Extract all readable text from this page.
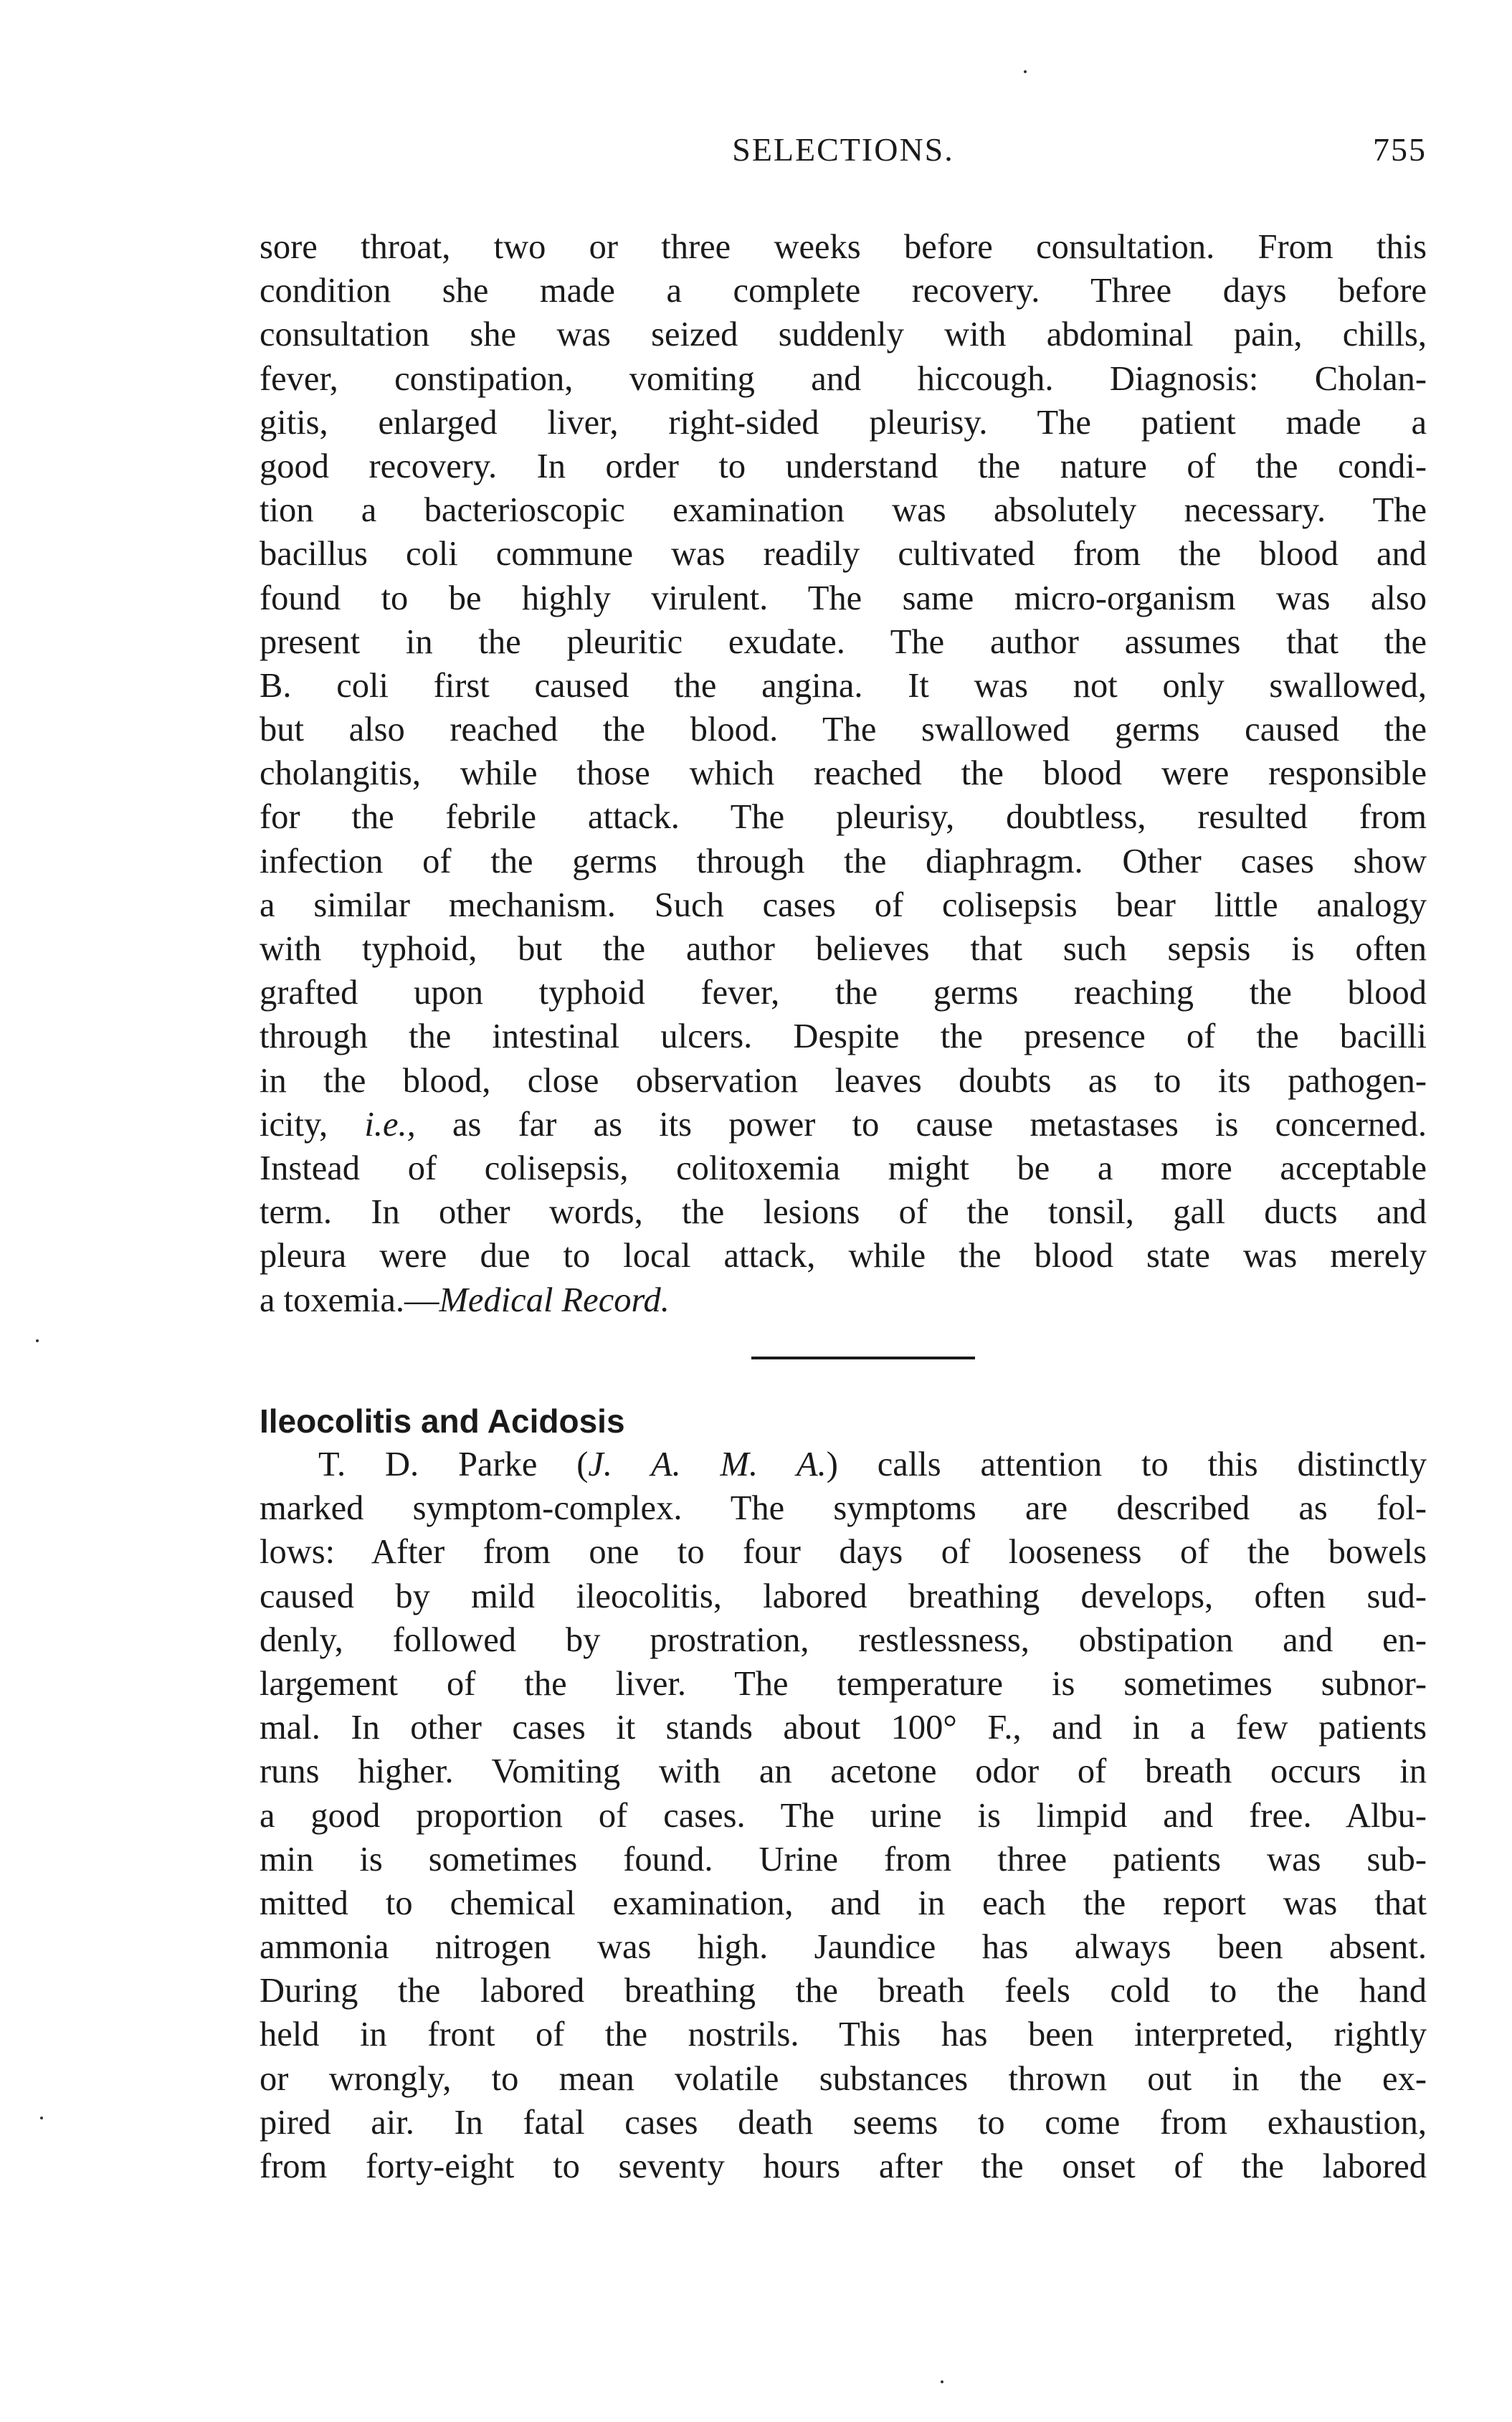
SELECTIONS.	755
sore throat, two or three weeks before consultation. From this
condition she made a complete recovery. Three days before
consultation she was seized suddenly with abdominal pain, chills,
fever, constipation, vomiting and hiccough. Diagnosis: Cholan-
gitis, enlarged liver, right-sided pleurisy. The patient made a
good recovery. In order to understand the nature of the condi-
tion a bacterioscopic examination was absolutely necessary. The
bacillus coli commune was readily cultivated from the blood and
found to be highly virulent. The same micro-organism was also
present in the pleuritic exudate. The author assumes that the
B. coli first caused the angina. It was not only swallowed,
but also reached the blood. The swallowed germs caused the
cholangitis, while those which reached the blood were responsible
for the febrile attack. The pleurisy, doubtless, resulted from
infection of the germs through the diaphragm. Other cases show
a similar mechanism. Such cases of colisepsis bear little analogy
with typhoid, but the author believes that such sepsis is often
grafted upon typhoid fever, the germs reaching the blood
through the intestinal ulcers. Despite the presence of the bacilli
in the blood, close observation leaves doubts as to its pathogen-
icity, i.e., as far as its power to cause metastases is concerned.
Instead of colisepsis, colitoxemia might be a more acceptable
term. In other words, the lesions of the tonsil, gall ducts and
pleura were due to local attack, while the blood state was merely
a toxemia.—Medical Record.
Ileocolitis and Acidosis
T. D. Parke (J. A. M. A.) calls attention to this distinctly
marked symptom-complex. The symptoms are described as fol-
lows: After from one to four days of looseness of the bowels
caused by mild ileocolitis, labored breathing develops, often sud-
denly, followed by prostration, restlessness, obstipation and en-
largement of the liver. The temperature is sometimes subnor-
mal. In other cases it stands about 100° F., and in a few patients
runs higher. Vomiting with an acetone odor of breath occurs in
a good proportion of cases. The urine is limpid and free. Albu-
min is sometimes found. Urine from three patients was sub-
mitted to chemical examination, and in each the report was that
ammonia nitrogen was high. Jaundice has always been absent.
During the labored breathing the breath feels cold to the hand
held in front of the nostrils. This has been interpreted, rightly
or wrongly, to mean volatile substances thrown out in the ex-
pired air. In fatal cases death seems to come from exhaustion,
from forty-eight to seventy hours after the onset of the labored
